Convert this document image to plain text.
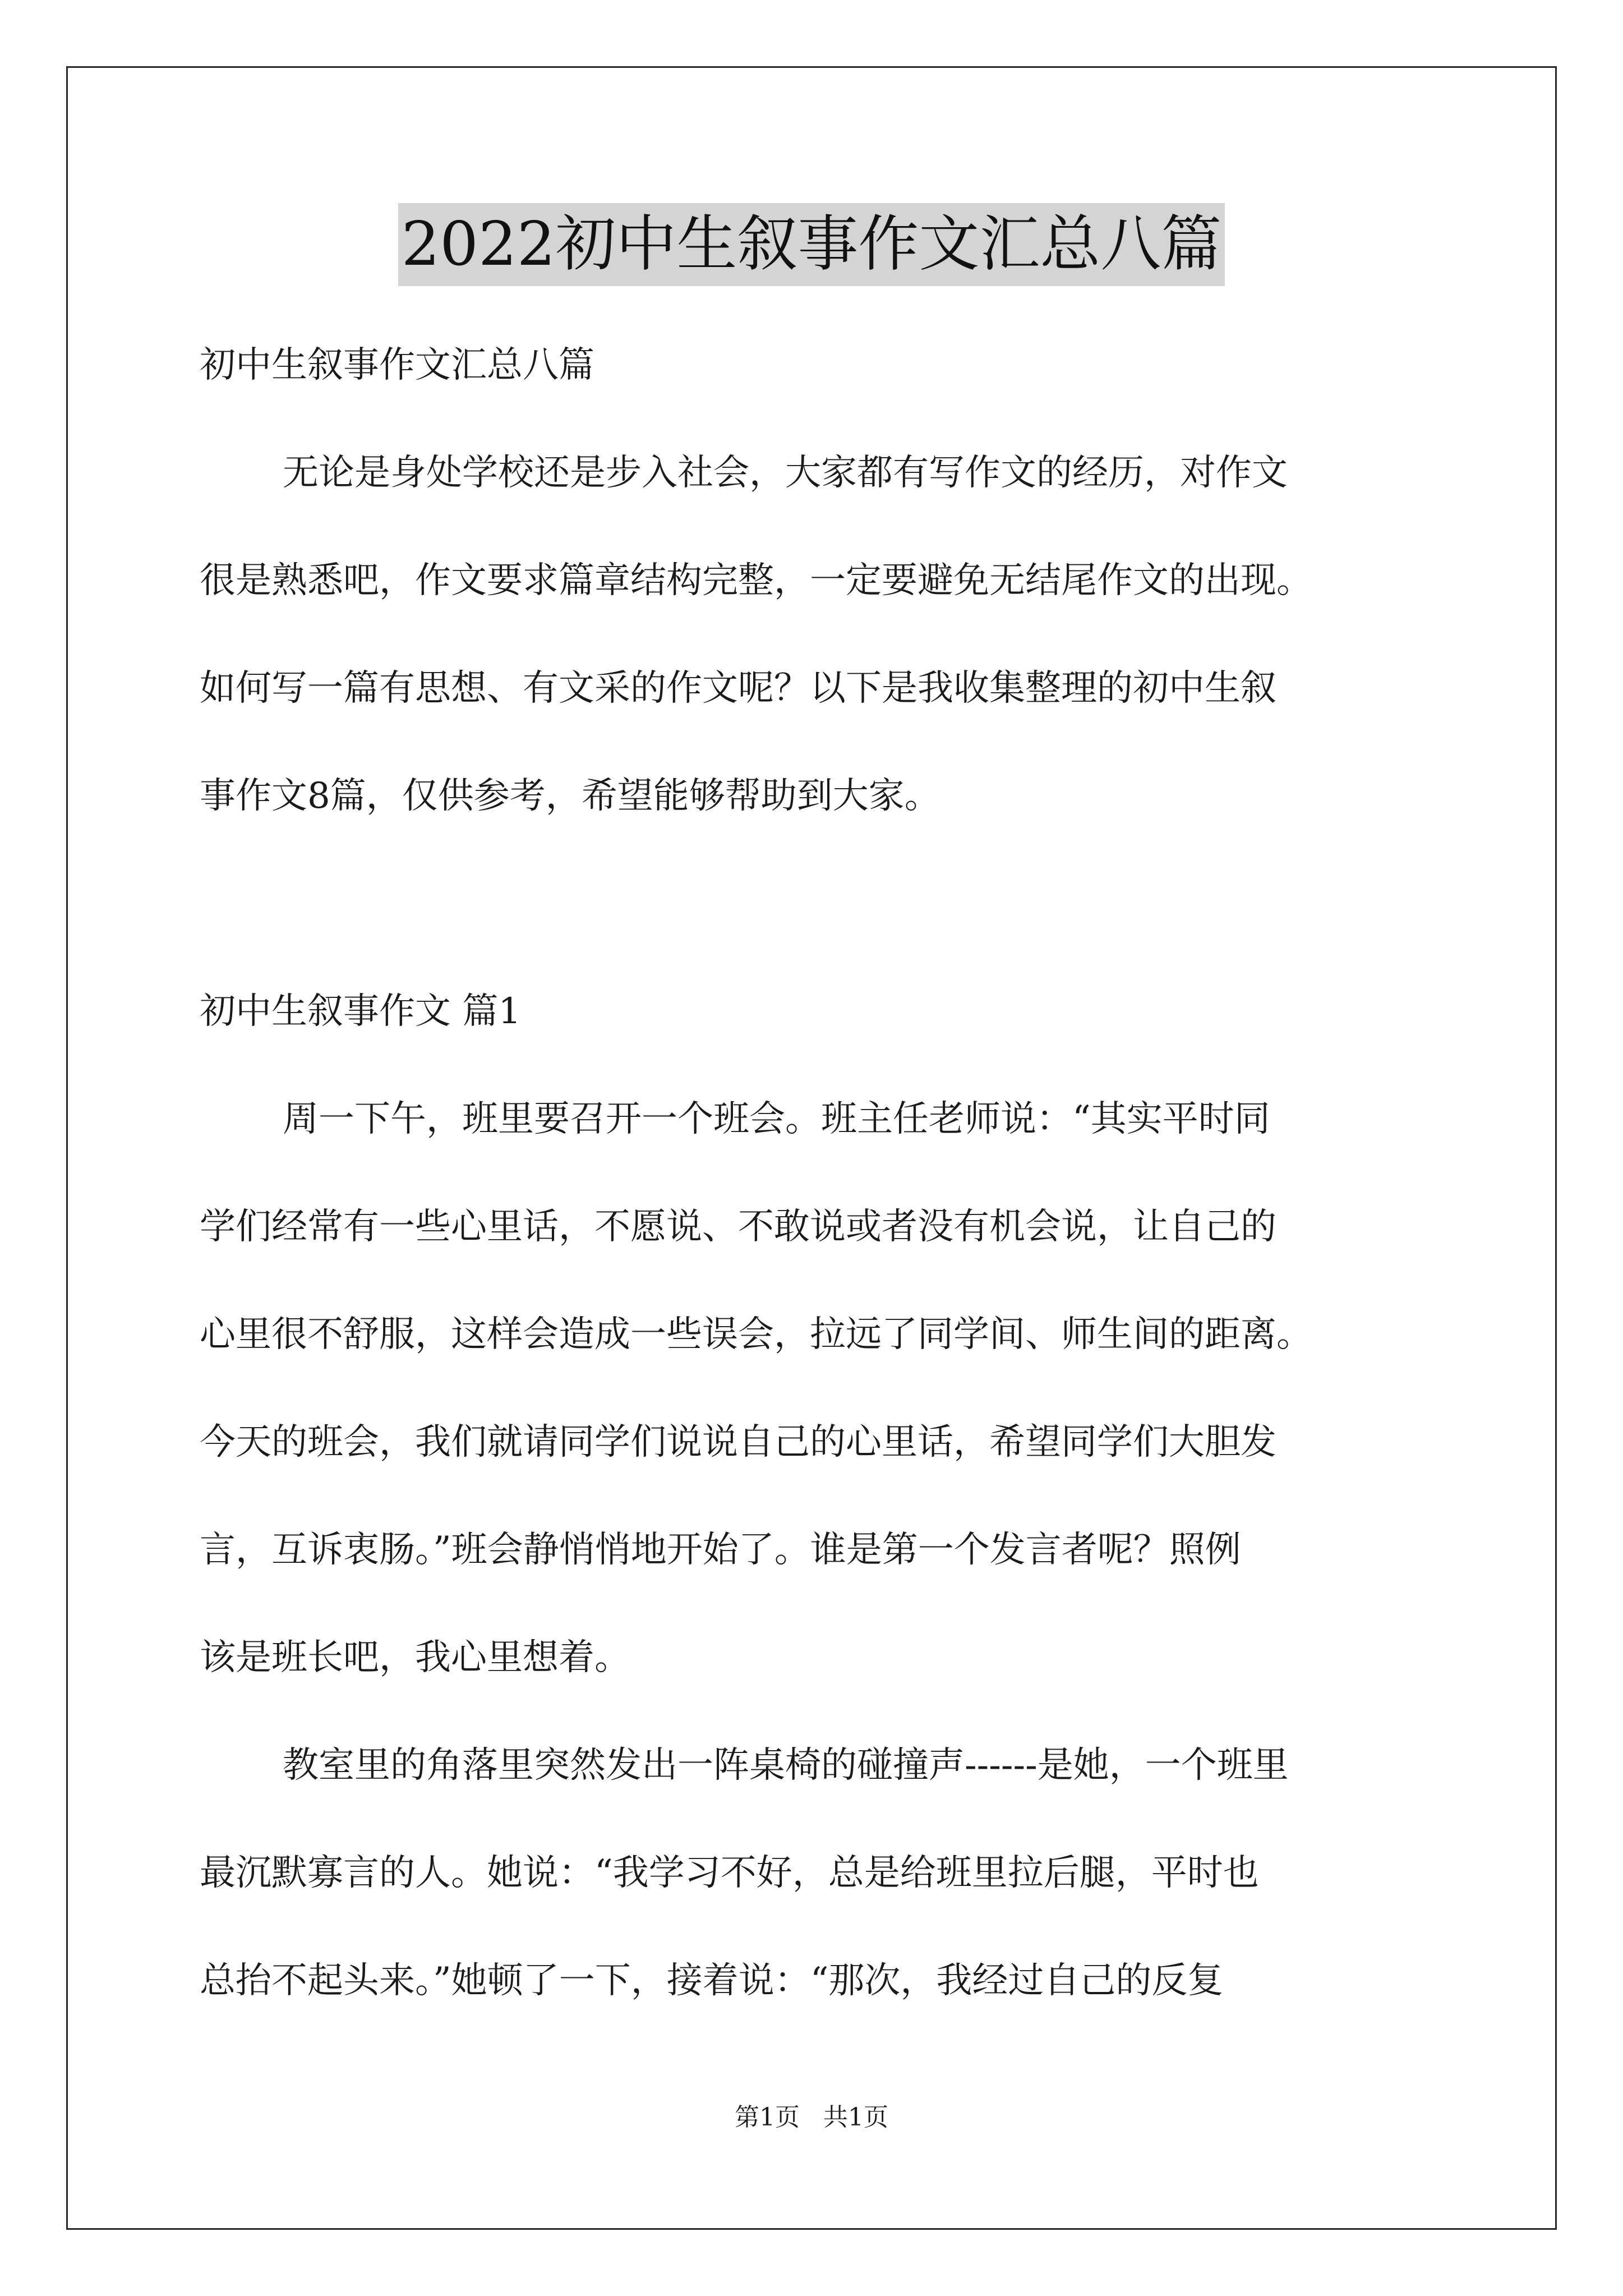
2022初中生叙事作文汇总八篇
初中生叙事作文汇总八篇
无论是身处学校还是步入社会，大家都有写作文的经历，对作文
很是熟悉吧，作文要求篇章结构完整，一定要避免无结尾作文的出现。
如何写一篇有思想、有文采的作文呢？以下是我收集整理的初中生叙
事作文8篇，仅供参考，希望能够帮助到大家。
初中生叙事作文 篇1
周一下午，班里要召开一个班会。班主任老师说：“其实平时同
学们经常有一些心里话，不愿说、不敢说或者没有机会说，让自己的
心里很不舒服，这样会造成一些误会，拉远了同学间、师生间的距离。
今天的班会，我们就请同学们说说自己的心里话，希望同学们大胆发
言，互诉衷肠。”班会静悄悄地开始了。谁是第一个发言者呢？照例
该是班长吧，我心里想着。
教室里的角落里突然发出一阵桌椅的碰撞声------是她，一个班里
最沉默寡言的人。她说：“我学习不好，总是给班里拉后腿，平时也
总抬不起头来。”她顿了一下，接着说：“那次，我经过自己的反复
第1页 共1页
